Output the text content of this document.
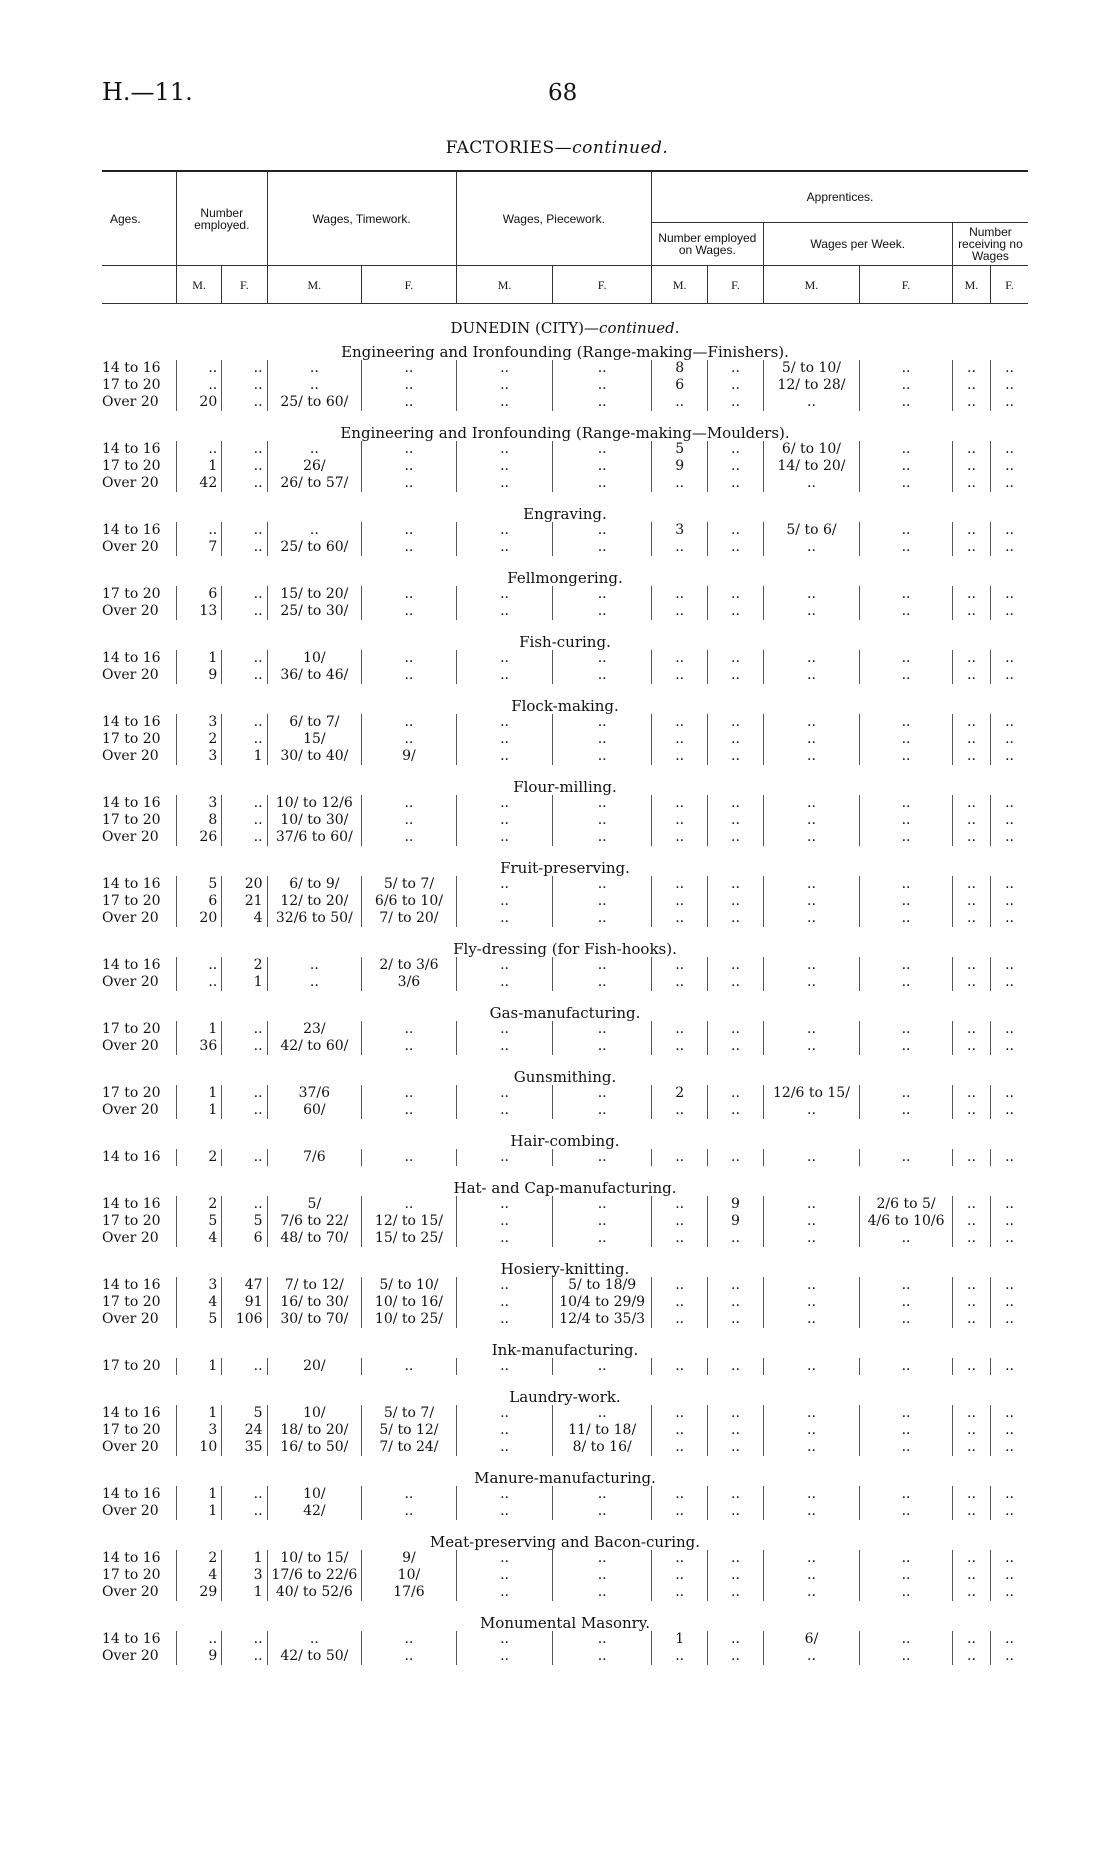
H.—11.	68
FACTORIES—continued.
Ages.	Number employed.		Wages, Timework.		Wages, Piecework.		Apprentices.					
							Number employed on Wages.		Wages per Week.		Number receiving no Wages	
	M.	F.	M.	F.	M.	F.	M.	F.	M.	F.	M.	F.
DUNEDIN (CITY)—continued.												
Engineering and Ironfounding (Range-making—Finishers).												
14 to 16	..	..	..	..	..	..	8	..	5/ to 10/	..	..	..
17 to 20	..	..	..	..	..	..	6	..	12/ to 28/	..	..	..
Over 20	20	..	25/ to 60/	..	..	..	..	..	..	..	..	..
Engineering and Ironfounding (Range-making—Moulders).												
14 to 16	..	..	..	..	..	..	5	..	6/ to 10/	..	..	..
17 to 20	1	..	26/	..	..	..	9	..	14/ to 20/	..	..	..
Over 20	42	..	26/ to 57/	..	..	..	..	..	..	..	..	..
Engraving.												
14 to 16	..	..	..	..	..	..	3	..	5/ to 6/	..	..	..
Over 20	7	..	25/ to 60/	..	..	..	..	..	..	..	..	..
Fellmongering.												
17 to 20	6	..	15/ to 20/	..	..	..	..	..	..	..	..	..
Over 20	13	..	25/ to 30/	..	..	..	..	..	..	..	..	..
Fish-curing.												
14 to 16	1	..	10/	..	..	..	..	..	..	..	..	..
Over 20	9	..	36/ to 46/	..	..	..	..	..	..	..	..	..
Flock-making.												
14 to 16	3	..	6/ to 7/	..	..	..	..	..	..	..	..	..
17 to 20	2	..	15/	..	..	..	..	..	..	..	..	..
Over 20	3	1	30/ to 40/	9/	..	..	..	..	..	..	..	..
Flour-milling.												
14 to 16	3	..	10/ to 12/6	..	..	..	..	..	..	..	..	..
17 to 20	8	..	10/ to 30/	..	..	..	..	..	..	..	..	..
Over 20	26	..	37/6 to 60/	..	..	..	..	..	..	..	..	..
Fruit-preserving.												
14 to 16	5	20	6/ to 9/	5/ to 7/	..	..	..	..	..	..	..	..
17 to 20	6	21	12/ to 20/	6/6 to 10/	..	..	..	..	..	..	..	..
Over 20	20	4	32/6 to 50/	7/ to 20/	..	..	..	..	..	..	..	..
Fly-dressing (for Fish-hooks).												
14 to 16	..	2	..	2/ to 3/6	..	..	..	..	..	..	..	..
Over 20	..	1	..	3/6	..	..	..	..	..	..	..	..
Gas-manufacturing.												
17 to 20	1	..	23/	..	..	..	..	..	..	..	..	..
Over 20	36	..	42/ to 60/	..	..	..	..	..	..	..	..	..
Gunsmithing.												
17 to 20	1	..	37/6	..	..	..	2	..	12/6 to 15/	..	..	..
Over 20	1	..	60/	..	..	..	..	..	..	..	..	..
Hair-combing.												
14 to 16	2	..	7/6	..	..	..	..	..	..	..	..	..
Hat- and Cap-manufacturing.												
14 to 16	2	..	5/	..	..	..	..	9	..	2/6 to 5/	..	..
17 to 20	5	5	7/6 to 22/	12/ to 15/	..	..	..	9	..	4/6 to 10/6	..	..
Over 20	4	6	48/ to 70/	15/ to 25/	..	..	..	..	..	..	..	..
Hosiery-knitting.												
14 to 16	3	47	7/ to 12/	5/ to 10/	..	5/ to 18/9	..	..	..	..	..	..
17 to 20	4	91	16/ to 30/	10/ to 16/	..	10/4 to 29/9	..	..	..	..	..	..
Over 20	5	106	30/ to 70/	10/ to 25/	..	12/4 to 35/3	..	..	..	..	..	..
Ink-manufacturing.												
17 to 20	1	..	20/	..	..	..	..	..	..	..	..	..
Laundry-work.												
14 to 16	1	5	10/	5/ to 7/	..	..	..	..	..	..	..	..
17 to 20	3	24	18/ to 20/	5/ to 12/	..	11/ to 18/	..	..	..	..	..	..
Over 20	10	35	16/ to 50/	7/ to 24/	..	8/ to 16/	..	..	..	..	..	..
Manure-manufacturing.												
14 to 16	1	..	10/	..	..	..	..	..	..	..	..	..
Over 20	1	..	42/	..	..	..	..	..	..	..	..	..
Meat-preserving and Bacon-curing.												
14 to 16	2	1	10/ to 15/	9/	..	..	..	..	..	..	..	..
17 to 20	4	3	17/6 to 22/6	10/	..	..	..	..	..	..	..	..
Over 20	29	1	40/ to 52/6	17/6	..	..	..	..	..	..	..	..
Monumental Masonry.												
14 to 16	..	..	..	..	..	..	1	..	6/	..	..	..
Over 20	9	..	42/ to 50/	..	..	..	..	..	..	..	..	..
